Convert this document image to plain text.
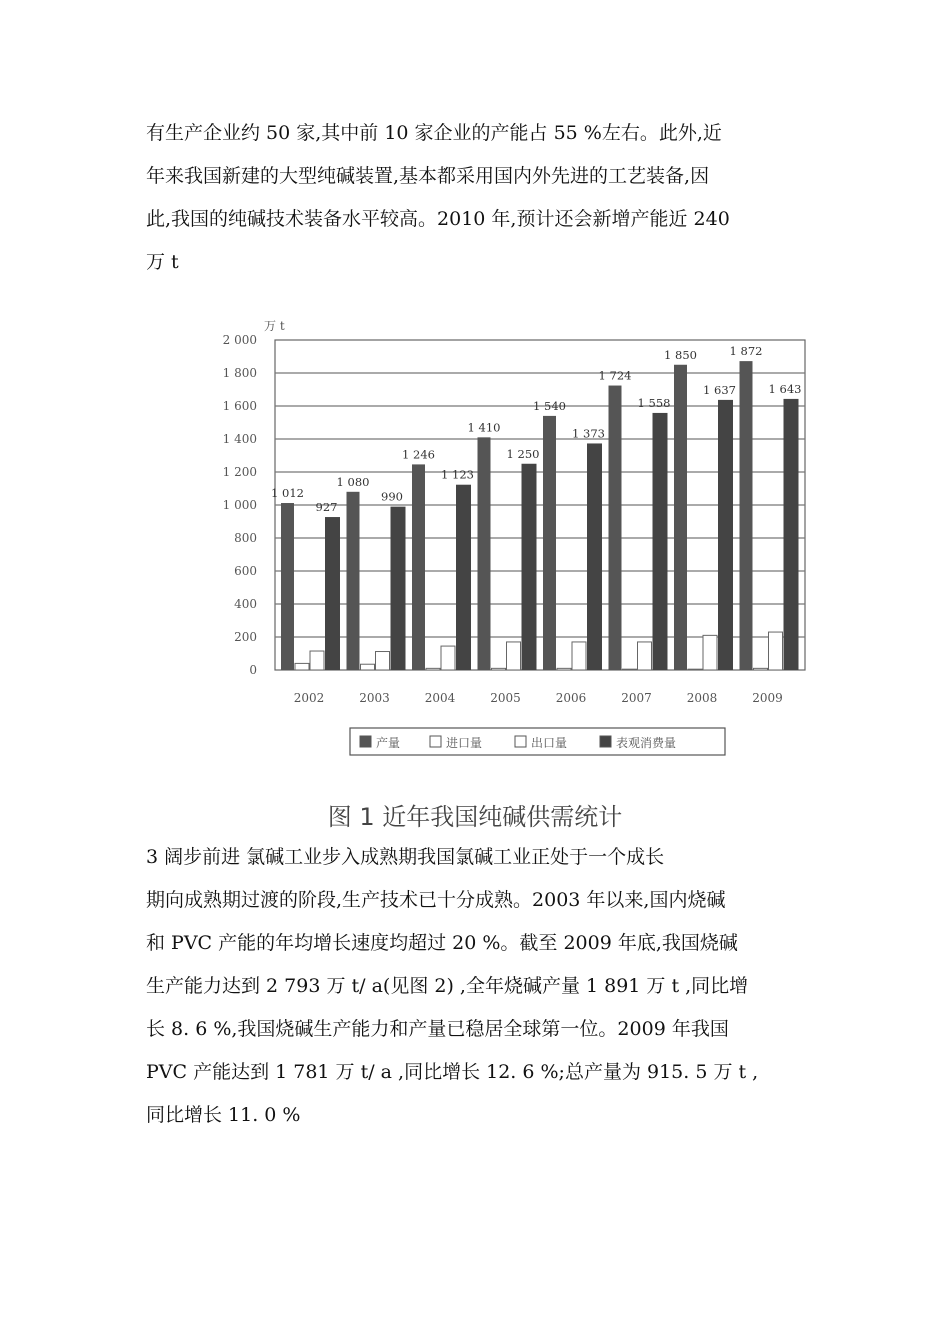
有生产企业约 50 家,其中前 10 家企业的产能占 55 %左右。此外,近
年来我国新建的大型纯碱装置,基本都采用国内外先进的工艺装备,因
此,我国的纯碱技术装备水平较高。2010 年,预计还会新增产能近 240
万 t
0
200
400
600
800
1 000
1 200
1 400
1 600
1 800
2 000
万 t
1 012
927
2002
1 080
990
2003
1 246
1 123
2004
1 410
1 250
2005
1 540
1 373
2006
1 724
1 558
2007
1 850
1 637
2008
1 872
1 643
2009
产量	进口量	出口量	表观消费量
图 1 近年我国纯碱供需统计
3 阔步前进 氯碱工业步入成熟期我国氯碱工业正处于一个成长
期向成熟期过渡的阶段,生产技术已十分成熟。2003 年以来,国内烧碱
和 PVC 产能的年均增长速度均超过 20 %。截至 2009 年底,我国烧碱
生产能力达到 2 793 万 t/ a(见图 2) ,全年烧碱产量 1 891 万 t ,同比增
长 8. 6 %,我国烧碱生产能力和产量已稳居全球第一位。2009 年我国
PVC 产能达到 1 781 万 t/ a ,同比增长 12. 6 %;总产量为 915. 5 万 t ,
同比增长 11. 0 %
